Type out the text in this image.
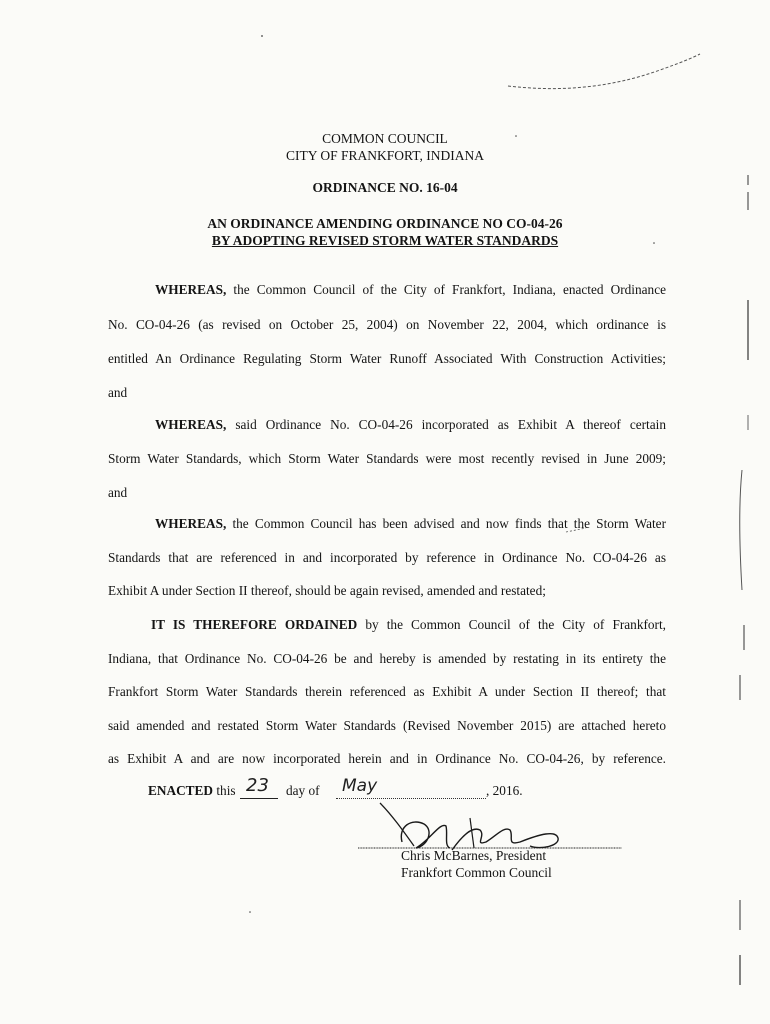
COMMON COUNCIL
CITY OF FRANKFORT, INDIANA
ORDINANCE NO. 16-04
AN ORDINANCE AMENDING ORDINANCE NO CO-04-26
BY ADOPTING REVISED STORM WATER STANDARDS
WHEREAS, the Common Council of the City of Frankfort, Indiana, enacted Ordinance
No. CO-04-26 (as revised on October 25, 2004) on November 22, 2004, which ordinance is
entitled An Ordinance Regulating Storm Water Runoff Associated With Construction Activities;
and
WHEREAS, said Ordinance No. CO-04-26 incorporated as Exhibit A thereof certain
Storm Water Standards, which Storm Water Standards were most recently revised in June 2009;
and
WHEREAS, the Common Council has been advised and now finds that the Storm Water
Standards that are referenced in and incorporated by reference in Ordinance No. CO-04-26 as
Exhibit A under Section II thereof, should be again revised, amended and restated;
IT IS THEREFORE ORDAINED by the Common Council of the City of Frankfort,
Indiana, that Ordinance No. CO-04-26 be and hereby is amended by restating in its entirety the
Frankfort Storm Water Standards therein referenced as Exhibit A under Section II thereof; that
said amended and restated Storm Water Standards (Revised November 2015) are attached hereto
as Exhibit A and are now incorporated herein and in Ordinance No. CO-04-26, by reference.
ENACTED this 23 day of May	, 2016.
Chris McBarnes, President
Frankfort Common Council
